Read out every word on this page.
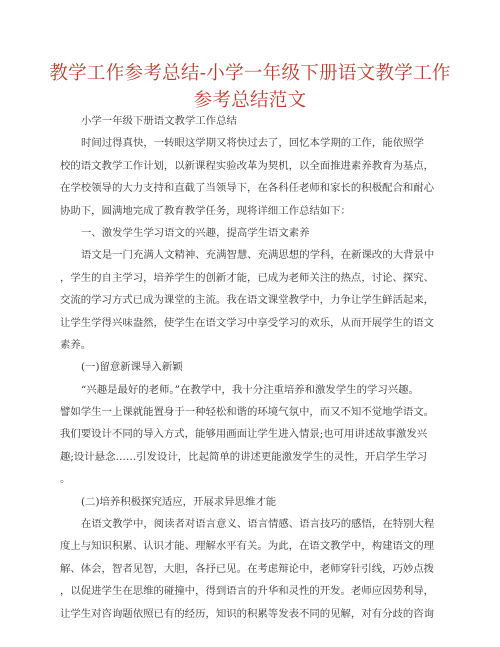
教学工作参考总结-小学一年级下册语文教学工作
参考总结范文
小学一年级下册语文教学工作总结
时间过得真快，一转眼这学期又将快过去了，回忆本学期的工作，能依照学
校的语文教学工作计划，以新课程实验改革为契机，以全面推进素养教育为基点，
在学校领导的大力支持和直截了当领导下，在各科任老师和家长的积极配合和耐心
协助下，圆满地完成了教育教学任务，现将详细工作总结如下：
一、激发学生学习语文的兴趣，提高学生语文素养
语文是一门充满人文精神、充满智慧、充满思想的学科，在新课改的大背景中
，学生的自主学习，培养学生的创新才能，已成为老师关注的热点，讨论、探究、
交流的学习方式已成为课堂的主流。我在语文课堂教学中，力争让学生鲜活起来，
让学生学得兴味盎然，使学生在语文学习中享受学习的欢乐，从而开展学生的语文
素养。
(一)留意新课导入新颖
“兴趣是最好的老师。”在教学中，我十分注重培养和激发学生的学习兴趣。
譬如学生一上课就能置身于一种轻松和谐的环境气氛中，而又不知不觉地学语文。
我们要设计不同的导入方式，能够用画面让学生进入情景;也可用讲述故事激发兴
趣;设计悬念……引发设计，比起简单的讲述更能激发学生的灵性，开启学生学习
。
(二)培养积极探究适应，开展求异思维才能
在语文教学中，阅读者对语言意义、语言情感、语言技巧的感悟，在特别大程
度上与知识积累、认识才能、理解水平有关。为此，在语文教学中，构建语文的理
解、体会，智者见智，大胆，各抒已见。在考虑辩论中，老师穿针引线，巧妙点拨
，以促进学生在思维的碰撞中，得到语言的升华和灵性的开发。老师应因势利导，
让学生对咨询题依照已有的经历，知识的积累等发表不同的见解，对有分歧的咨询
